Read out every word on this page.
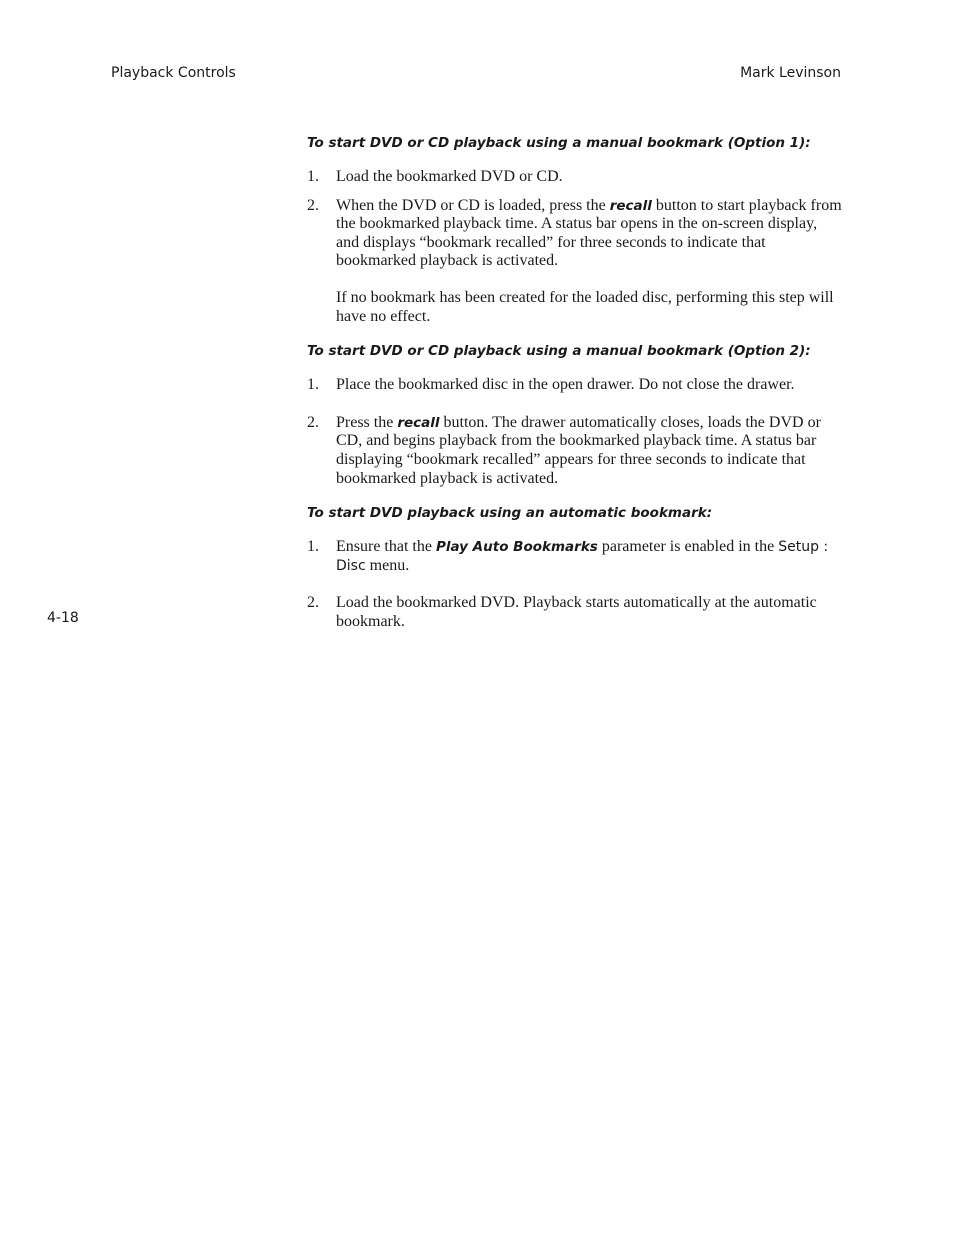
Playback Controls	Mark Levinson
4-18

To start DVD or CD playback using a manual bookmark (Option 1):

1.	Load the bookmarked DVD or CD.
2.	When the DVD or CD is loaded, press the recall button to start playback from the bookmarked playback time. A status bar opens in the on-screen display, and displays “bookmark recalled” for three seconds to indicate that bookmarked playback is activated.

If no bookmark has been created for the loaded disc, performing this step will have no effect.

To start DVD or CD playback using a manual bookmark (Option 2):

1.	Place the bookmarked disc in the open drawer. Do not close the drawer.
2.	Press the recall button. The drawer automatically closes, loads the DVD or CD, and begins playback from the bookmarked playback time. A status bar displaying “bookmark recalled” appears for three seconds to indicate that bookmarked playback is activated.

To start DVD playback using an automatic bookmark:

1.	Ensure that the Play Auto Bookmarks parameter is enabled in the Setup : Disc menu.

2.	Load the bookmarked DVD. Playback starts automatically at the automatic bookmark.
